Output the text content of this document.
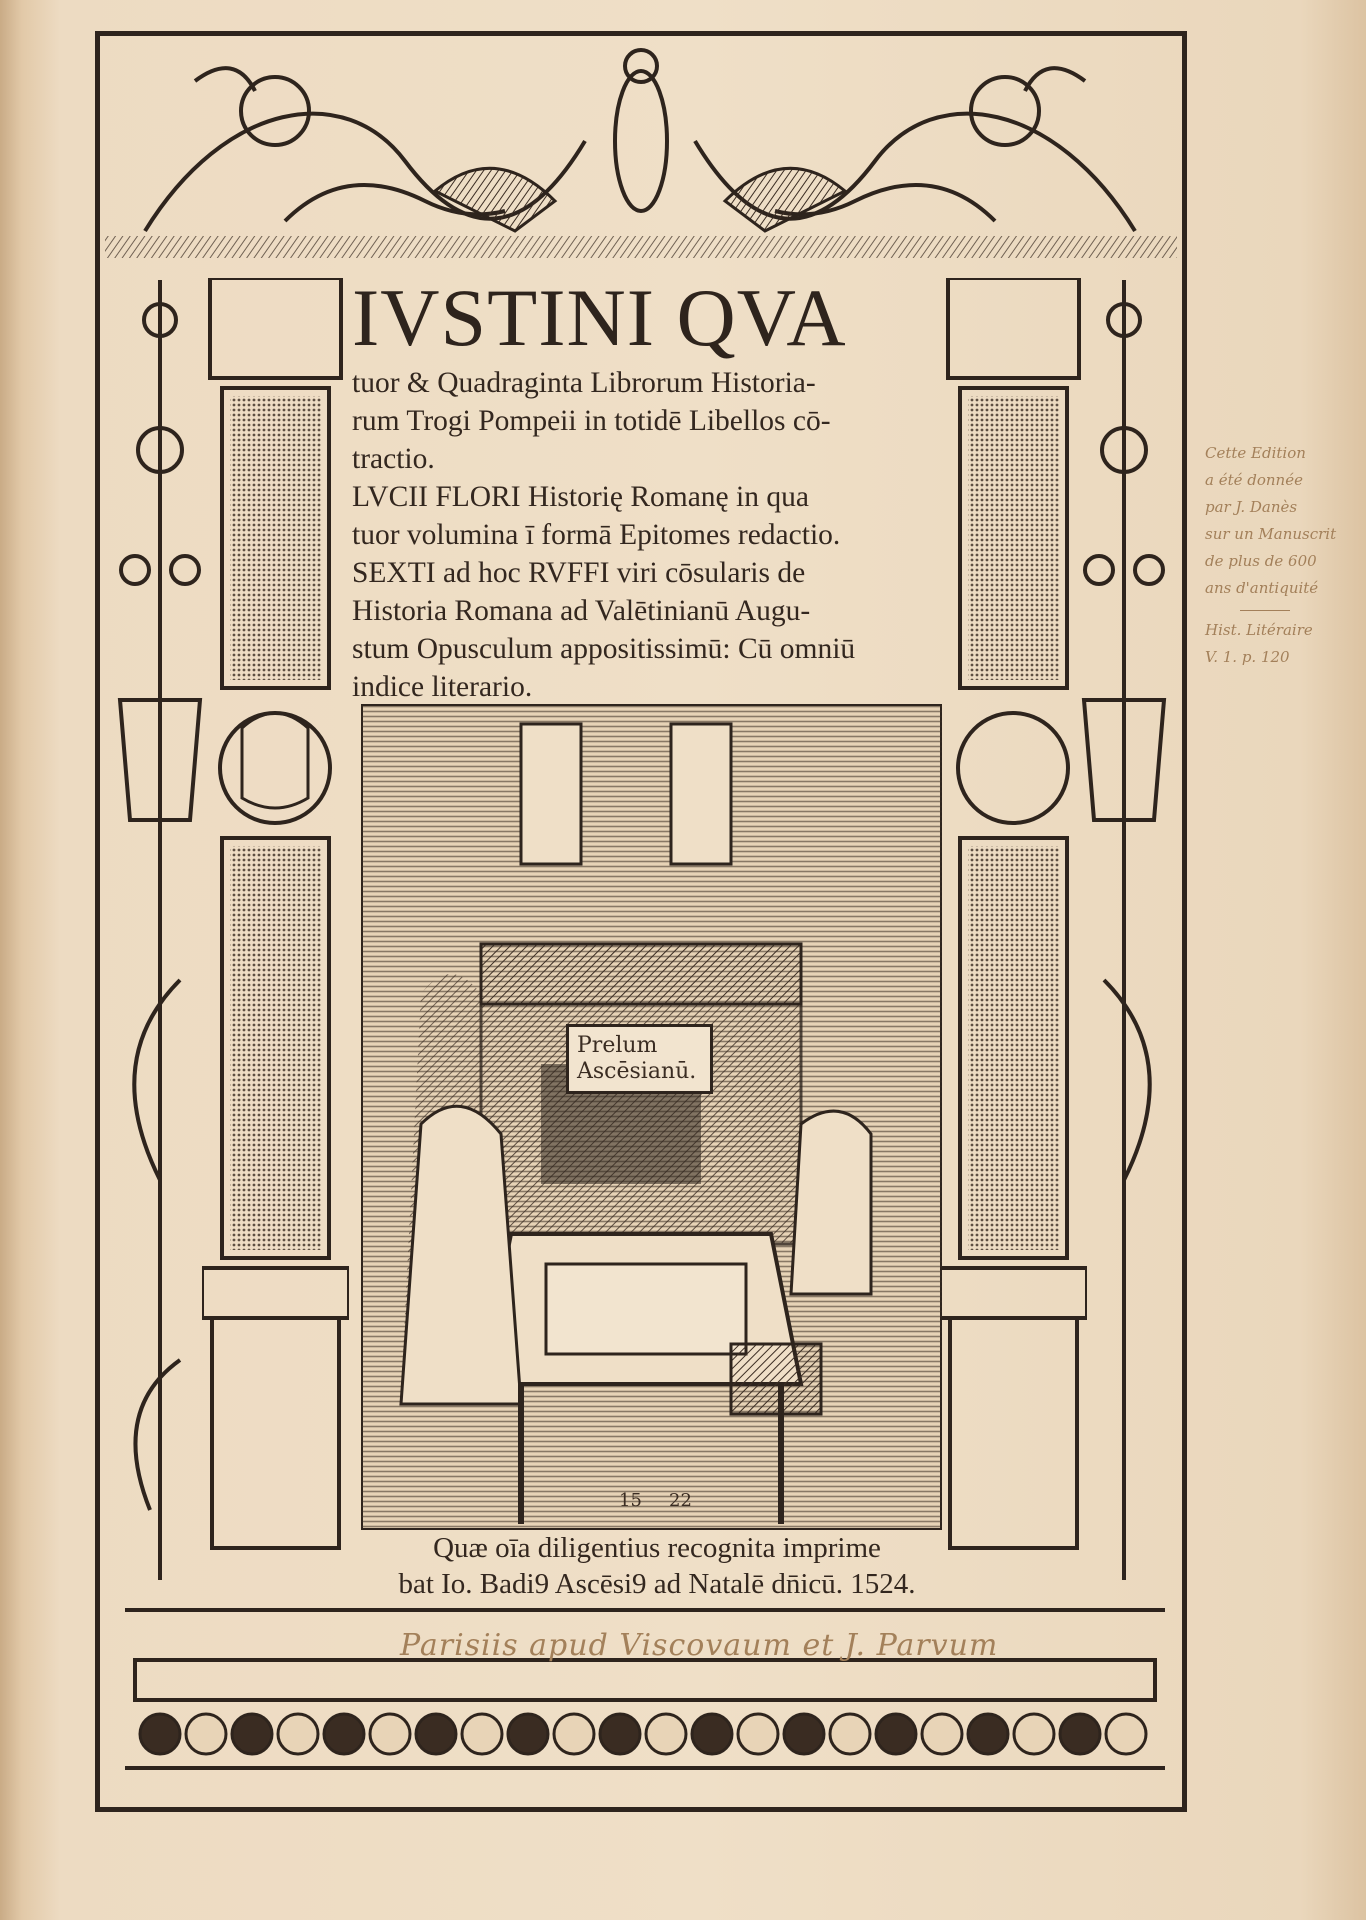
IVSTINI QVA
tuor & Quadraginta Librorum Historia-
rum Trogi Pompeii in totidē Libellos cō-
tractio.
LVCII FLORI Historię Romanę in qua
tuor volumina ī formā Epitomes redactio.
SEXTI ad hoc RVFFI viri cōsularis de
Historia Romana ad Valētinianū Augu-
stum Opusculum appositissimū: Cū omniū
indice literario.
Prelum
Ascēsianū.
15 22
Quæ oīa diligentius recognita imprime
bat Io. Badi9 Ascēsi9 ad Natalē dn̄icū. 1524.
Cette Edition
a été donnée
par J. Danès
sur un Manuscrit
de plus de 600
ans d'antiquité
Hist. Litéraire
V. 1. p. 120
Parisiis apud Viscovaum et J. Parvum
